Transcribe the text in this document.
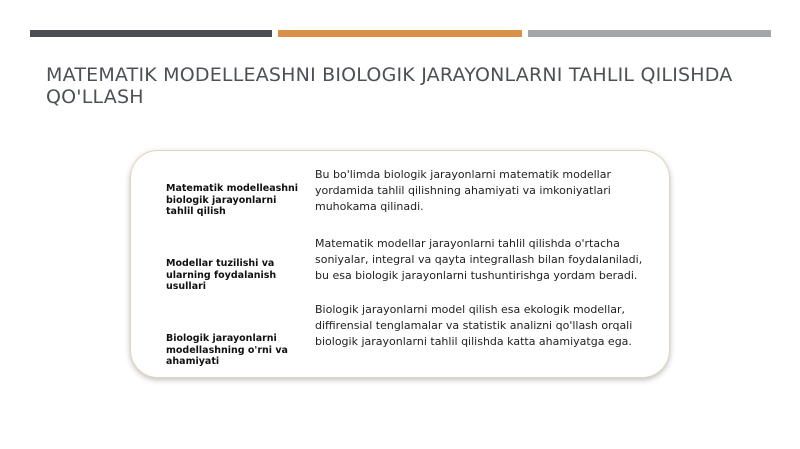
MATEMATIK MODELLEASHNI BIOLOGIK JARAYONLARNI TAHLIL QILISHDA QO'LLASH
Matematik modelleashni biologik jarayonlarni tahlil qilish
Bu bo'limda biologik jarayonlarni matematik modellar yordamida tahlil qilishning ahamiyati va imkoniyatlari muhokama qilinadi.
Modellar tuzilishi va ularning foydalanish usullari
Matematik modellar jarayonlarni tahlil qilishda o'rtacha soniyalar, integral va qayta integrallash bilan foydalaniladi, bu esa biologik jarayonlarni tushuntirishga yordam beradi.
Biologik jarayonlarni modellashning o'rni va ahamiyati
Biologik jarayonlarni model qilish esa ekologik modellar, diffirensial tenglamalar va statistik analizni qo'llash orqali biologik jarayonlarni tahlil qilishda katta ahamiyatga ega.
